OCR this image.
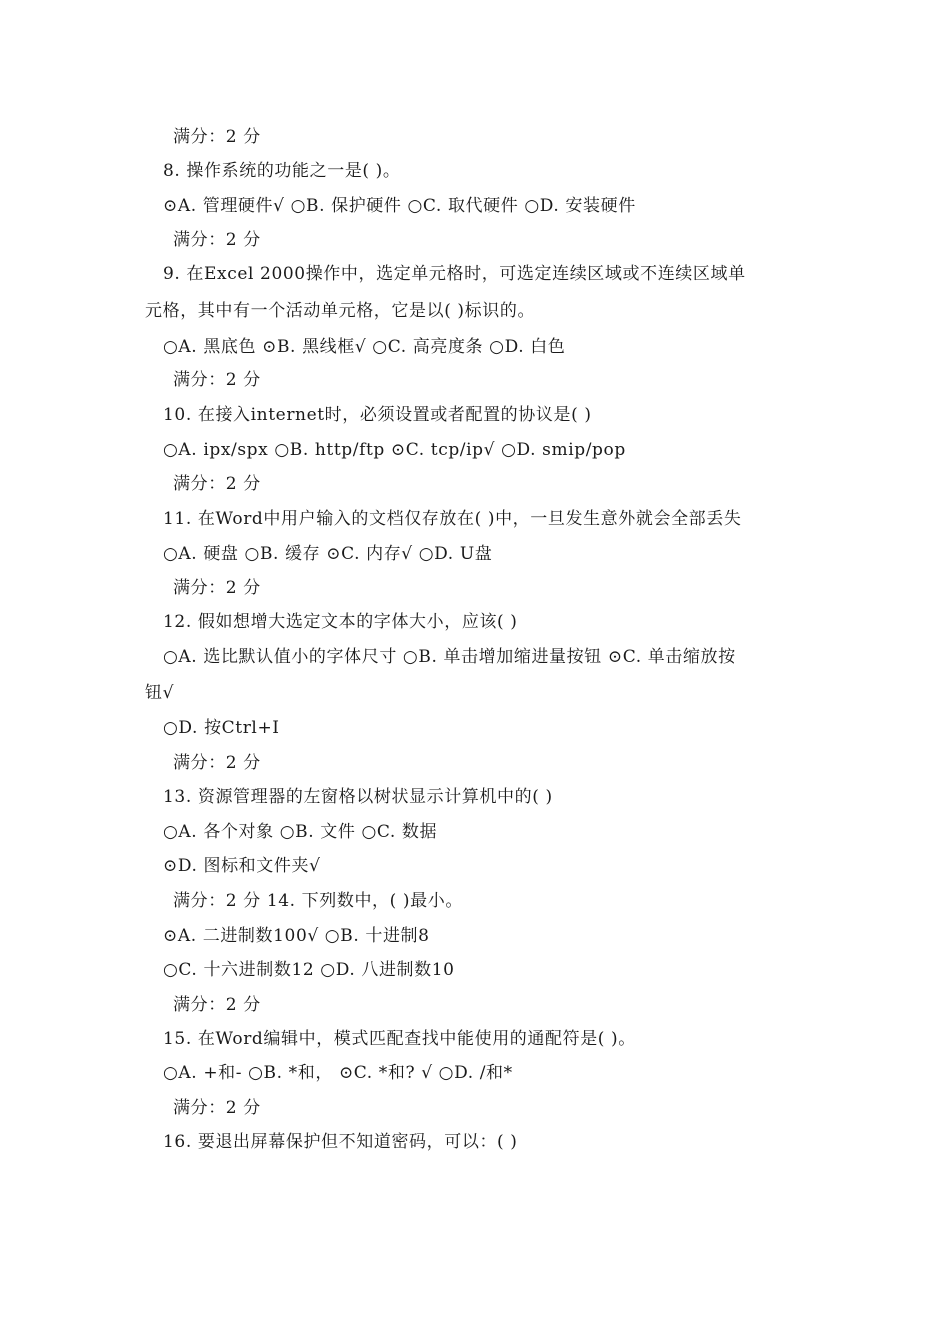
满分：2 分
8. 操作系统的功能之一是( )。
⊙A. 管理硬件√ ○B. 保护硬件 ○C. 取代硬件 ○D. 安装硬件
满分：2 分
9. 在Excel 2000操作中，选定单元格时，可选定连续区域或不连续区域单
元格，其中有一个活动单元格，它是以( )标识的。
○A. 黑底色 ⊙B. 黑线框√ ○C. 高亮度条 ○D. 白色
满分：2 分
10. 在接入internet时，必须设置或者配置的协议是( )
○A. ipx/spx ○B. http/ftp ⊙C. tcp/ip√ ○D. smip/pop
满分：2 分
11. 在Word中用户输入的文档仅存放在( )中，一旦发生意外就会全部丢失
○A. 硬盘 ○B. 缓存 ⊙C. 内存√ ○D. U盘
满分：2 分
12. 假如想增大选定文本的字体大小，应该( )
○A. 选比默认值小的字体尺寸 ○B. 单击增加缩进量按钮 ⊙C. 单击缩放按
钮√
○D. 按Ctrl+I
满分：2 分
13. 资源管理器的左窗格以树状显示计算机中的( )
○A. 各个对象 ○B. 文件 ○C. 数据
⊙D. 图标和文件夹√
满分：2 分 14. 下列数中，( )最小。
⊙A. 二进制数100√ ○B. 十进制8
○C. 十六进制数12 ○D. 八进制数10
满分：2 分
15. 在Word编辑中，模式匹配查找中能使用的通配符是( )。
○A. +和- ○B. *和， ⊙C. *和? √ ○D. /和*
满分：2 分
16. 要退出屏幕保护但不知道密码，可以：( )
